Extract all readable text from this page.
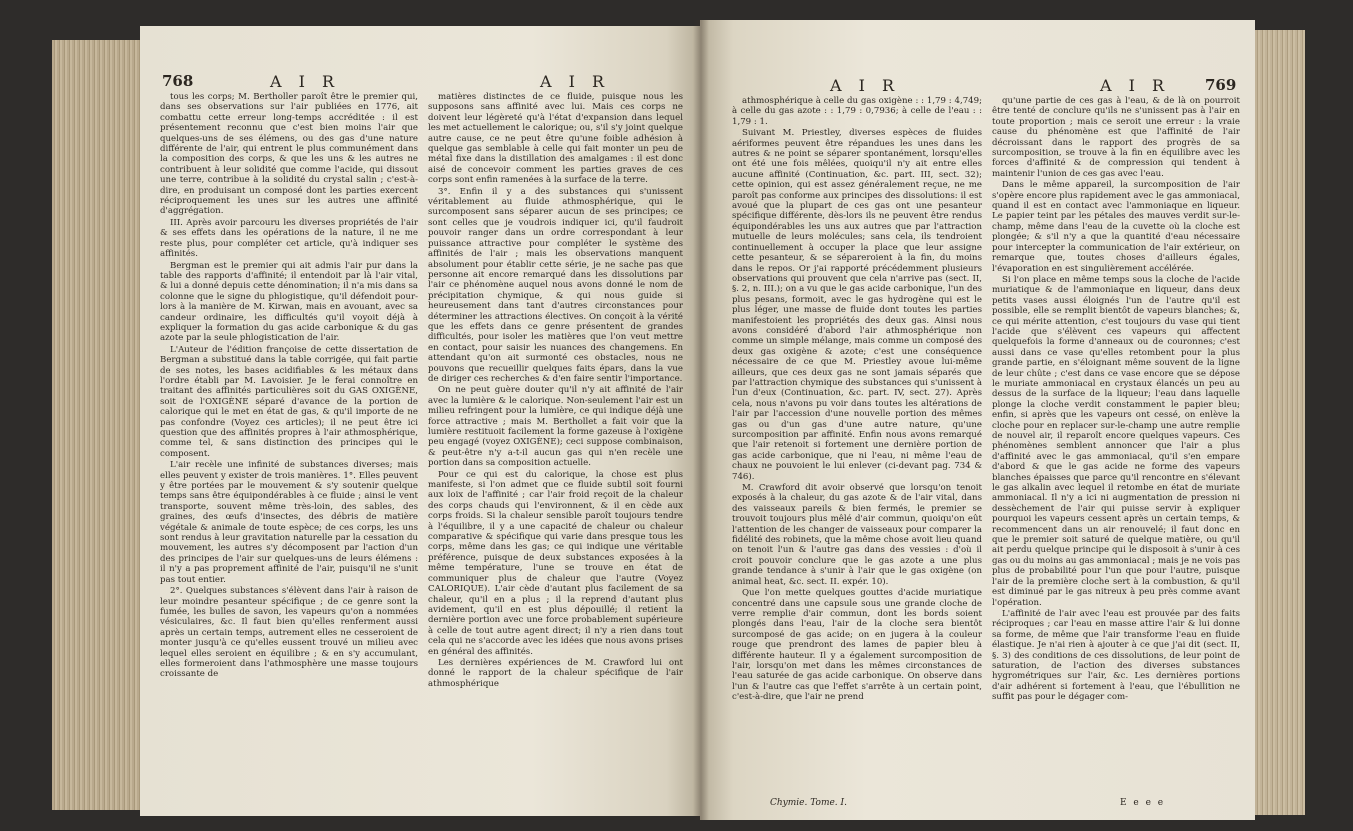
768	A I R	A I R

tous les corps; M. Bertholler paroît être le premier qui, dans ses observations sur l'air publiées en 1776, ait combattu cette erreur long-temps accréditée : il est présentement reconnu que c'est bien moins l'air que quelques-uns de ses élémens, ou des gas d'une nature différente de l'air, qui entrent le plus communément dans la composition des corps, & que les uns & les autres ne contribuent à leur solidité que comme l'acide, qui dissout une terre, contribue à la solidité du crystal salin ; c'est-à-dire, en produisant un composé dont les parties exercent réciproquement les unes sur les autres une affinité d'aggrégation.

III. Après avoir parcouru les diverses propriétés de l'air & ses effets dans les opérations de la nature, il ne me reste plus, pour compléter cet article, qu'à indiquer ses affinités.

Bergman est le premier qui ait admis l'air pur dans la table des rapports d'affinité; il entendoit par là l'air vital, & lui a donné depuis cette dénomination; il n'a mis dans sa colonne que le signe du phlogistique, qu'il défendoit pour-lors à la manière de M. Kirwan, mais en avouant, avec sa candeur ordinaire, les difficultés qu'il voyoit déjà à expliquer la formation du gas acide carbonique & du gas azote par la seule phlogistication de l'air.

L'Auteur de l'édition françoise de cette dissertation de Bergman a substitué dans la table corrigée, qui fait partie de ses notes, les bases acidifiables & les métaux dans l'ordre établi par M. Lavoisier. Je le ferai connoître en traitant des affinités particulières soit du GAS OXIGÈNE, soit de l'OXIGÈNE séparé d'avance de la portion de calorique qui le met en état de gas, & qu'il importe de ne pas confondre (Voyez ces articles); il ne peut être ici question que des affinités propres à l'air athmosphérique, comme tel, & sans distinction des principes qui le composent.

L'air recèle une infinité de substances diverses; mais elles peuvent y exister de trois manières. 1°. Elles peuvent y être portées par le mouvement & s'y soutenir quelque temps sans être équipondérables à ce fluide ; ainsi le vent transporte, souvent même très-loin, des sables, des graines, des œufs d'insectes, des débris de matière végétale & animale de toute espèce; de ces corps, les uns sont rendus à leur gravitation naturelle par la cessation du mouvement, les autres s'y décomposent par l'action d'un des principes de l'air sur quelques-uns de leurs élémens : il n'y a pas proprement affinité de l'air, puisqu'il ne s'unit pas tout entier.

2°. Quelques substances s'élèvent dans l'air à raison de leur moindre pesanteur spécifique ; de ce genre sont la fumée, les bulles de savon, les vapeurs qu'on a nommées vésiculaires, &c. Il faut bien qu'elles renferment aussi après un certain temps, autrement elles ne cesseroient de monter jusqu'à ce qu'elles eussent trouvé un milieu avec lequel elles seroient en équilibre ; & en s'y accumulant, elles formeroient dans l'athmosphère une masse toujours croissante de

matières distinctes de ce fluide, puisque nous les supposons sans affinité avec lui. Mais ces corps ne doivent leur légèreté qu'à l'état d'expansion dans lequel les met actuellement le calorique; ou, s'il s'y joint quelque autre cause, ce ne peut être qu'une foible adhésion à quelque gas semblable à celle qui fait monter un peu de métal fixe dans la distillation des amalgames : il est donc aisé de concevoir comment les parties graves de ces corps sont enfin ramenées à la surface de la terre.

3°. Enfin il y a des substances qui s'unissent véritablement au fluide athmosphérique, qui le surcomposent sans séparer aucun de ses principes; ce sont celles que je voudrois indiquer ici, qu'il faudroit pouvoir ranger dans un ordre correspondant à leur puissance attractive pour compléter le système des affinités de l'air ; mais les observations manquent absolument pour établir cette série, je ne sache pas que personne ait encore remarqué dans les dissolutions par l'air ce phénomène auquel nous avons donné le nom de précipitation chymique, & qui nous guide si heureusement dans tant d'autres circonstances pour déterminer les attractions électives. On conçoit à la vérité que les effets dans ce genre présentent de grandes difficultés, pour isoler les matières que l'on veut mettre en contact, pour saisir les nuances des changemens. En attendant qu'on ait surmonté ces obstacles, nous ne pouvons que recueillir quelques faits épars, dans la vue de diriger ces recherches & d'en faire sentir l'importance.

On ne peut guère douter qu'il n'y ait affinité de l'air avec la lumière & le calorique. Non-seulement l'air est un milieu refringent pour la lumière, ce qui indique déjà une force attractive ; mais M. Berthollet a fait voir que la lumière restituoit facilement la forme gazeuse à l'oxigène peu engagé (voyez OXIGÈNE); ceci suppose combinaison, & peut-être n'y a-t-il aucun gas qui n'en recèle une portion dans sa composition actuelle.

Pour ce qui est du calorique, la chose est plus manifeste, si l'on admet que ce fluide subtil soit fourni aux loix de l'affinité ; car l'air froid reçoit de la chaleur des corps chauds qui l'environnent, & il en cède aux corps froids. Si la chaleur sensible paroît toujours tendre à l'équilibre, il y a une capacité de chaleur ou chaleur comparative & spécifique qui varie dans presque tous les corps, même dans les gas; ce qui indique une véritable préférence, puisque de deux substances exposées à la même température, l'une se trouve en état de communiquer plus de chaleur que l'autre (Voyez CALORIQUE). L'air cède d'autant plus facilement de sa chaleur, qu'il en a plus ; il la reprend d'autant plus avidement, qu'il en est plus dépouillé; il retient la dernière portion avec une force probablement supérieure à celle de tout autre agent direct; il n'y a rien dans tout cela qui ne s'accorde avec les idées que nous avons prises en général des affinités.

Les dernières expériences de M. Crawford lui ont donné le rapport de la chaleur spécifique de l'air athmosphérique

A I R	A I R 769

athmosphérique à celle du gas oxigène : : 1,79 : 4,749; à celle du gas azote : : 1,79 : 0,7936; à celle de l'eau : : 1,79 : 1.

Suivant M. Priestley, diverses espèces de fluides aériformes peuvent être répandues les unes dans les autres & ne point se séparer spontanément, lorsqu'elles ont été une fois mêlées, quoiqu'il n'y ait entre elles aucune affinité (Continuation, &c. part. III, sect. 32); cette opinion, qui est assez généralement reçue, ne me paroît pas conforme aux principes des dissolutions: il est avoué que la plupart de ces gas ont une pesanteur spécifique différente, dès-lors ils ne peuvent être rendus équipondérables les uns aux autres que par l'attraction mutuelle de leurs molécules; sans cela, ils tendroient continuellement à occuper la place que leur assigne cette pesanteur, & se sépareroient à la fin, du moins dans le repos. Or j'ai rapporté précédemment plusieurs observations qui prouvent que cela n'arrive pas (sect. II, §. 2, n. III.); on a vu que le gas acide carbonique, l'un des plus pesans, formoit, avec le gas hydrogène qui est le plus léger, une masse de fluide dont toutes les parties manifestoient les propriétés des deux gas. Ainsi nous avons considéré d'abord l'air athmosphérique non comme un simple mélange, mais comme un composé des deux gas oxigène & azote; c'est une conséquence nécessaire de ce que M. Priestley avoue lui-même ailleurs, que ces deux gas ne sont jamais séparés que par l'attraction chymique des substances qui s'unissent à l'un d'eux (Continuation, &c. part. IV, sect. 27). Après cela, nous n'avons pu voir dans toutes les altérations de l'air par l'accession d'une nouvelle portion des mêmes gas ou d'un gas d'une autre nature, qu'une surcomposition par affinité. Enfin nous avons remarqué que l'air retenoit si fortement une dernière portion de gas acide carbonique, que ni l'eau, ni même l'eau de chaux ne pouvoient le lui enlever (ci-devant pag. 734 & 746).

M. Crawford dit avoir observé que lorsqu'on tenoit exposés à la chaleur, du gas azote & de l'air vital, dans des vaisseaux pareils & bien fermés, le premier se trouvoit toujours plus mêlé d'air commun, quoiqu'on eût l'attention de les changer de vaisseaux pour comparer la fidélité des robinets, que la même chose avoit lieu quand on tenoit l'un & l'autre gas dans des vessies : d'où il croit pouvoir conclure que le gas azote a une plus grande tendance à s'unir à l'air que le gas oxigène (on animal heat, &c. sect. II. expér. 10).

Que l'on mette quelques gouttes d'acide muriatique concentré dans une capsule sous une grande cloche de verre remplie d'air commun, dont les bords soient plongés dans l'eau, l'air de la cloche sera bientôt surcomposé de gas acide; on en jugera à la couleur rouge que prendront des lames de papier bleu à différente hauteur. Il y a également surcomposition de l'air, lorsqu'on met dans les mêmes circonstances de l'eau saturée de gas acide carbonique. On observe dans l'un & l'autre cas que l'effet s'arrête à un certain point, c'est-à-dire, que l'air ne prend

qu'une partie de ces gas à l'eau, & de là on pourroit être tenté de conclure qu'ils ne s'unissent pas à l'air en toute proportion ; mais ce seroit une erreur : la vraie cause du phénomène est que l'affinité de l'air décroissant dans le rapport des progrès de sa surcomposition, se trouve à la fin en équilibre avec les forces d'affinité & de compression qui tendent à maintenir l'union de ces gas avec l'eau.

Dans le même appareil, la surcomposition de l'air s'opère encore plus rapidement avec le gas ammoniacal, quand il est en contact avec l'ammoniaque en liqueur. Le papier teint par les pétales des mauves verdit sur-le-champ, même dans l'eau de la cuvette où la cloche est plongée; & s'il n'y a que la quantité d'eau nécessaire pour intercepter la communication de l'air extérieur, on remarque que, toutes choses d'ailleurs égales, l'évaporation en est singulièrement accélérée.

Si l'on place en même temps sous la cloche de l'acide muriatique & de l'ammoniaque en liqueur, dans deux petits vases aussi éloignés l'un de l'autre qu'il est possible, elle se remplit bientôt de vapeurs blanches; &, ce qui mérite attention, c'est toujours du vase qui tient l'acide que s'élèvent ces vapeurs qui affectent quelquefois la forme d'anneaux ou de couronnes; c'est aussi dans ce vase qu'elles retombent pour la plus grande partie, en s'éloignant même souvent de la ligne de leur chûte ; c'est dans ce vase encore que se dépose le muriate ammoniacal en crystaux élancés un peu au dessus de la surface de la liqueur; l'eau dans laquelle plonge la cloche verdit constamment le papier bleu; enfin, si après que les vapeurs ont cessé, on enlève la cloche pour en replacer sur-le-champ une autre remplie de nouvel air, il reparoît encore quelques vapeurs. Ces phénomènes semblent annoncer que l'air a plus d'affinité avec le gas ammoniacal, qu'il s'en empare d'abord & que le gas acide ne forme des vapeurs blanches épaisses que parce qu'il rencontre en s'élevant le gas alkalin avec lequel il retombe en état de muriate ammoniacal. Il n'y a ici ni augmentation de pression ni dessèchement de l'air qui puisse servir à expliquer pourquoi les vapeurs cessent après un certain temps, & recommencent dans un air renouvelé; il faut donc en que le premier soit saturé de quelque matière, ou qu'il ait perdu quelque principe qui le disposoit à s'unir à ces gas ou du moins au gas ammoniacal ; mais je ne vois pas plus de probabilité pour l'un que pour l'autre, puisque l'air de la première cloche sert à la combustion, & qu'il est diminué par le gas nitreux à peu près comme avant l'opération.

L'affinité de l'air avec l'eau est prouvée par des faits réciproques ; car l'eau en masse attire l'air & lui donne sa forme, de même que l'air transforme l'eau en fluide élastique. Je n'ai rien à ajouter à ce que j'ai dit (sect. II, §. 3) des conditions de ces dissolutions, de leur point de saturation, de l'action des diverses substances hygrométriques sur l'air, &c. Les dernières portions d'air adhérent si fortement à l'eau, que l'ébullition ne suffit pas pour le dégager com-

Chymie. Tome. I.	E e e e
